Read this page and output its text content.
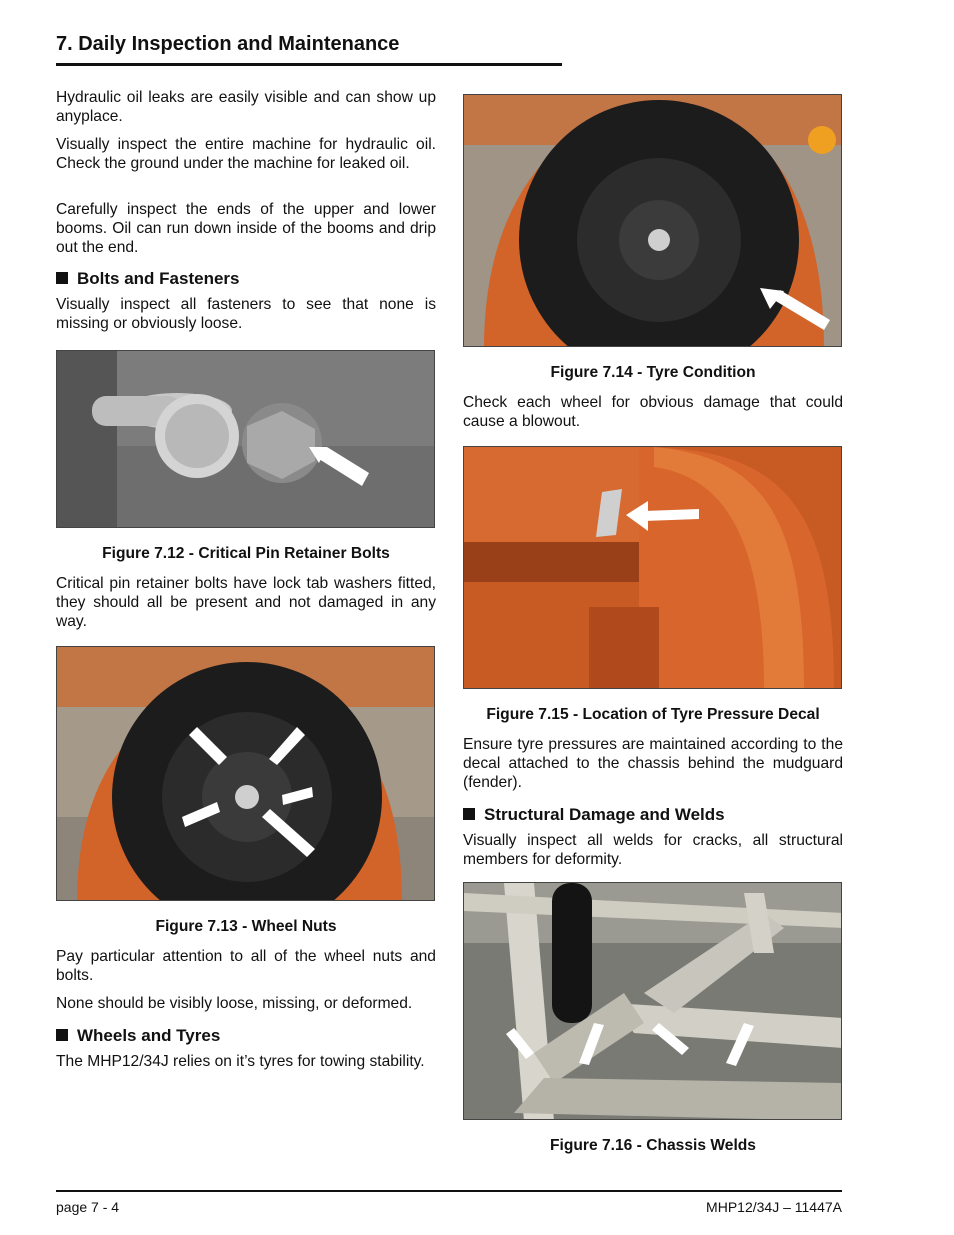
7. Daily Inspection and Maintenance

Hydraulic oil leaks are easily visible and can show up anyplace.

Visually inspect the entire machine for hydraulic oil. Check the ground under the machine for leaked oil.

Carefully inspect the ends of the upper and lower booms. Oil can run down inside of the booms and drip out the end.

Bolts and Fasteners

Visually inspect all fasteners to see that none is missing or obviously loose.

Figure 7.12 - Critical Pin Retainer Bolts

Critical pin retainer bolts have lock tab washers fitted, they should all be present and not damaged in any way.

Figure 7.13 - Wheel Nuts

Pay particular attention to all of the wheel nuts and bolts.

None should be visibly loose, missing, or deformed.

Wheels and Tyres

The MHP12/34J relies on it’s tyres for towing stability.

Figure 7.14 - Tyre Condition

Check each wheel for obvious damage that could cause a blowout.

Figure 7.15 - Location of Tyre Pressure Decal

Ensure tyre pressures are maintained according to the decal attached to the chassis behind the mudguard (fender).

Structural Damage and Welds

Visually inspect all welds for cracks, all structural members for deformity.

Figure 7.16 - Chassis Welds
page 7 - 4	MHP12/34J – 11447A
